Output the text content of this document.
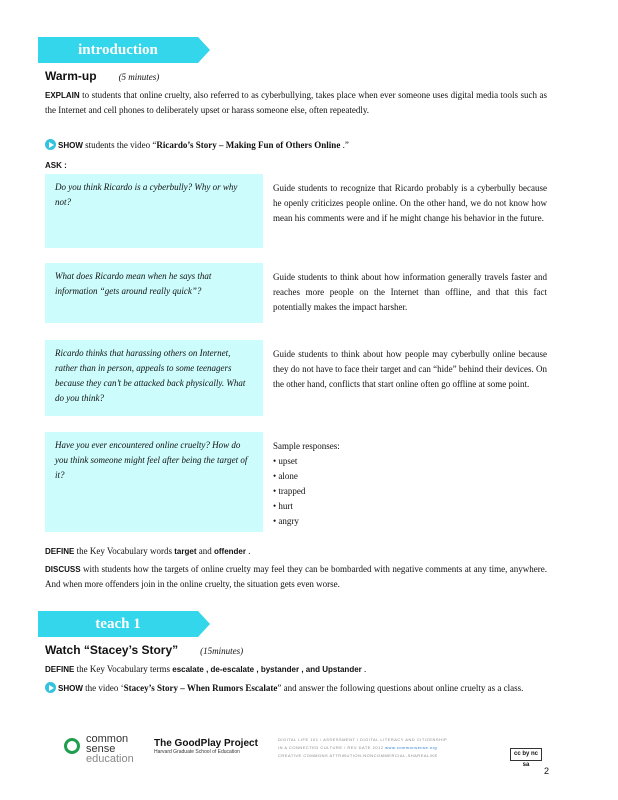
introduction
Warm-up (5 minutes)
EXPLAIN to students that online cruelty, also referred to as cyberbullying, takes place when ever someone uses digital media tools such as the Internet and cell phones to deliberately upset or harass someone else, often repeatedly.
SHOW students the video “Ricardo’s Story – Making Fun of Others Online .”
ASK :
Do you think Ricardo is a cyberbully? Why or why not?
Guide students to recognize that Ricardo probably is a cyberbully because he openly criticizes people online. On the other hand, we do not know how mean his comments were and if he might change his behavior in the future.
What does Ricardo mean when he says that information “gets around really quick”?
Guide students to think about how information generally travels faster and reaches more people on the Internet than offline, and that this fact potentially makes the impact harsher.
Ricardo thinks that harassing others on Internet, rather than in person, appeals to some teenagers because they can’t be attacked back physically. What do you think?
Guide students to think about how people may cyberbully online because they do not have to face their target and can “hide” behind their devices. On the other hand, conflicts that start online often go offline at some point.
Have you ever encountered online cruelty? How do you think someone might feel after being the target of it?
Sample responses:
• upset
• alone
• trapped
• hurt
• angry
DEFINE the Key Vocabulary words target and offender .
DISCUSS with students how the targets of online cruelty may feel they can be bombarded with negative comments at any time, anywhere. And when more offenders join in the online cruelty, the situation gets even worse.
teach 1
Watch “Stacey’s Story” (15minutes)
DEFINE the Key Vocabulary terms escalate , de-escalate , bystander , and Upstander .
SHOW the video ‘Stacey’s Story – When Rumors Escalate” and answer the following questions about online cruelty as a class.
common
sense
education
The GoodPlay Project
Harvard Graduate School of Education
DIGITAL LIFE 101 / ASSESSMENT / DIGITAL LITERACY AND CITIZENSHIP
IN A CONNECTED CULTURE / REV DATE 2012 www.commonsense.org
CREATIVE COMMONS ATTRIBUTION-NONCOMMERCIAL-SHAREALIKE	cc by nc sa
2
